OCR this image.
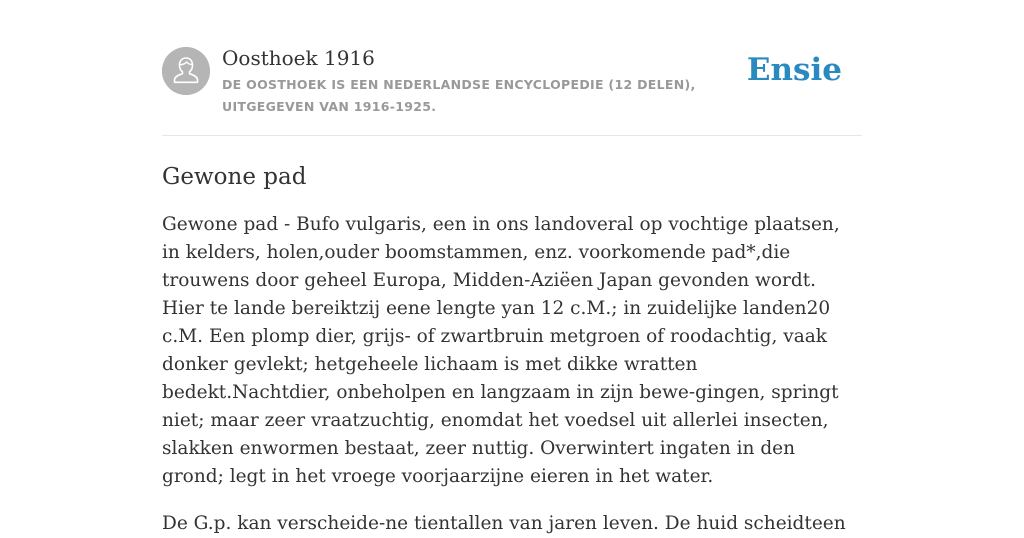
Oosthoek 1916

DE OOSTHOEK IS EEN NEDERLANDSE ENCYCLOPEDIE (12 DELEN), UITGEGEVEN VAN 1916-1925.

Ensie
Gewone pad

Gewone pad - Bufo vulgaris, een in ons landoveral op vochtige plaatsen, in kelders, holen,ouder boomstammen, enz. voorkomende pad*,die trouwens door geheel Europa, Midden-Aziëen Japan gevonden wordt. Hier te lande bereiktzij eene lengte yan 12 c.M.; in zuidelijke landen20 c.M. Een plomp dier, grijs- of zwartbruin metgroen of roodachtig, vaak donker gevlekt; hetgeheele lichaam is met dikke wratten bedekt.Nachtdier, onbeholpen en langzaam in zijn bewe-gingen, springt niet; maar zeer vraatzuchtig, enomdat het voedsel uit allerlei insecten, slakken enwormen bestaat, zeer nuttig. Overwintert ingaten in den grond; legt in het vroege voorjaarzijne eieren in het water.

De G.p. kan verscheide-ne tientallen van jaren leven. De huid scheidteen
